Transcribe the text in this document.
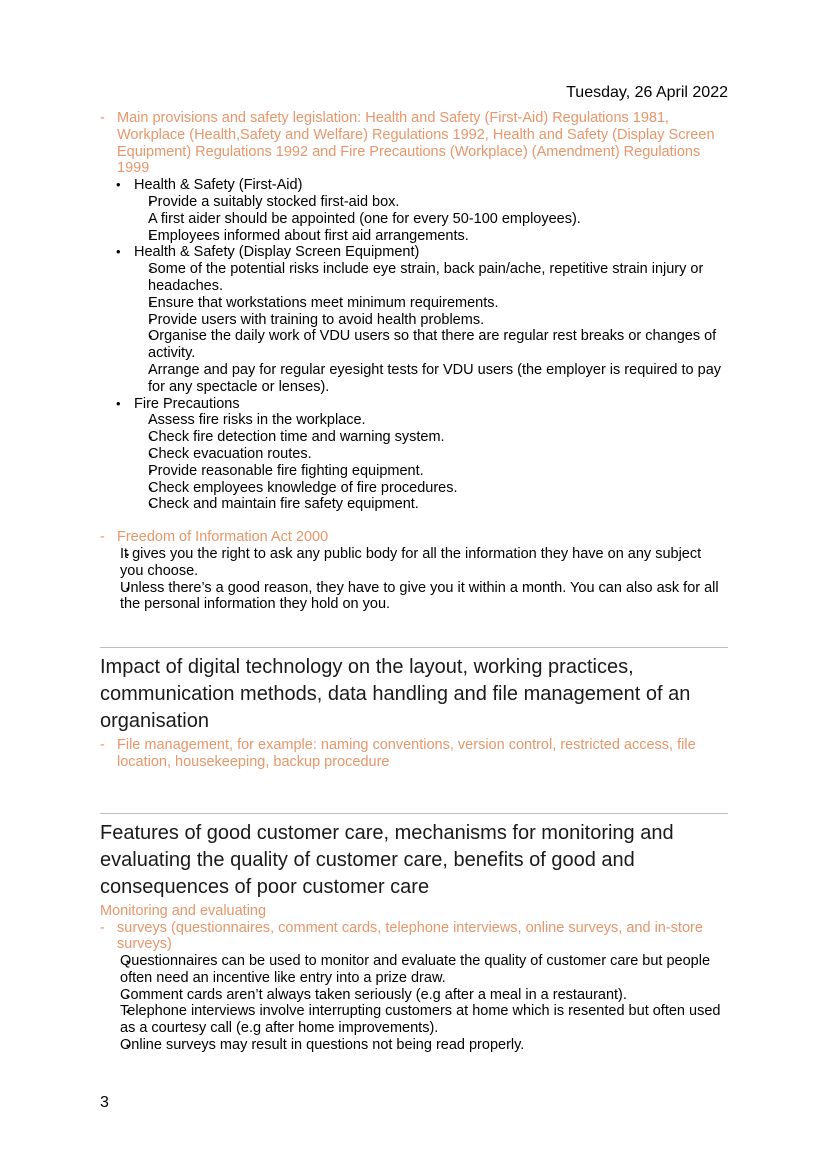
Tuesday, 26 April 2022
- Main provisions and safety legislation: Health and Safety (First-Aid) Regulations 1981, Workplace (Health,Safety and Welfare) Regulations 1992, Health and Safety (Display Screen Equipment) Regulations 1992 and Fire Precautions (Workplace) (Amendment) Regulations 1999
• Health & Safety (First-Aid)
• Provide a suitably stocked first-aid box.
• A first aider should be appointed (one for every 50-100 employees).
• Employees informed about first aid arrangements.
• Health & Safety (Display Screen Equipment)
• Some of the potential risks include eye strain, back pain/ache, repetitive strain injury or headaches.
• Ensure that workstations meet minimum requirements.
• Provide users with training to avoid health problems.
• Organise the daily work of VDU users so that there are regular rest breaks or changes of activity.
• Arrange and pay for regular eyesight tests for VDU users (the employer is required to pay for any spectacle or lenses).
• Fire Precautions
• Assess fire risks in the workplace.
• Check fire detection time and warning system.
• Check evacuation routes.
• Provide reasonable fire fighting equipment.
• Check employees knowledge of fire procedures.
• Check and maintain fire safety equipment.
- Freedom of Information Act 2000
• It gives you the right to ask any public body for all the information they have on any subject you choose.
• Unless there’s a good reason, they have to give you it within a month. You can also ask for all the personal information they hold on you.
Impact of digital technology on the layout, working practices, communication methods, data handling and file management of an organisation
- File management, for example: naming conventions, version control, restricted access, file location, housekeeping, backup procedure
Features of good customer care, mechanisms for monitoring and evaluating the quality of customer care, benefits of good and consequences of poor customer care
Monitoring and evaluating
- surveys (questionnaires, comment cards, telephone interviews, online surveys, and in-store surveys)
• Questionnaires can be used to monitor and evaluate the quality of customer care but people often need an incentive like entry into a prize draw.
• Comment cards aren’t always taken seriously (e.g after a meal in a restaurant).
• Telephone interviews involve interrupting customers at home which is resented but often used as a courtesy call (e.g after home improvements).
• Online surveys may result in questions not being read properly.
3
